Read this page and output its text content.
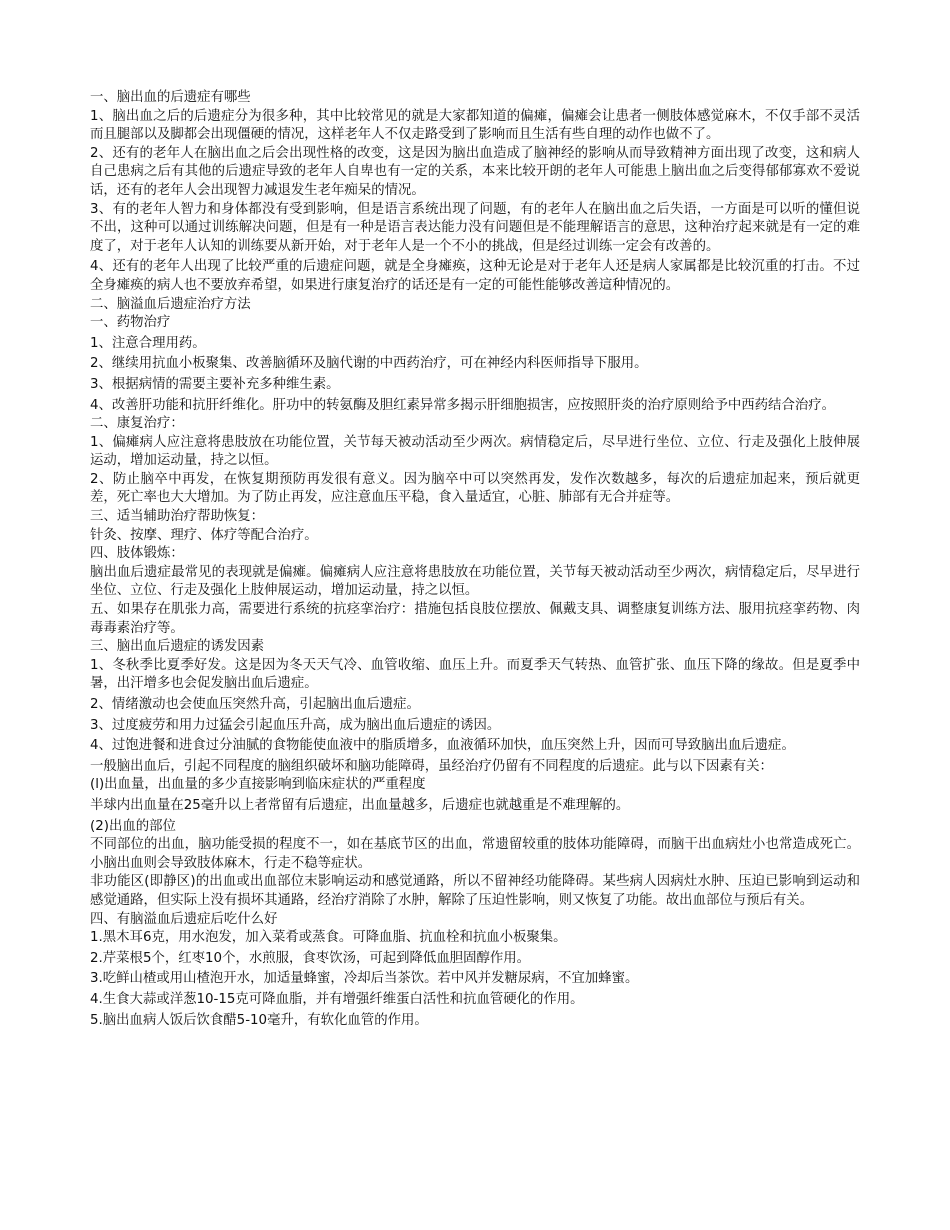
一、脑出血的后遗症有哪些

1、脑出血之后的后遗症分为很多种，其中比较常见的就是大家都知道的偏瘫，偏瘫会让患者一侧肢体感觉麻木，不仅手部不灵活而且腿部以及脚都会出现僵硬的情况，这样老年人不仅走路受到了影响而且生活有些自理的动作也做不了。

2、还有的老年人在脑出血之后会出现性格的改变，这是因为脑出血造成了脑神经的影响从而导致精神方面出现了改变，这和病人自己患病之后有其他的后遗症导致的老年人自卑也有一定的关系，本来比较开朗的老年人可能患上脑出血之后变得郁郁寡欢不爱说话，还有的老年人会出现智力减退发生老年痴呆的情况。

3、有的老年人智力和身体都没有受到影响，但是语言系统出现了问题，有的老年人在脑出血之后失语，一方面是可以听的懂但说不出，这种可以通过训练解决问题，但是有一种是语言表达能力没有问题但是不能理解语言的意思，这种治疗起来就是有一定的难度了，对于老年人认知的训练要从新开始，对于老年人是一个不小的挑战，但是经过训练一定会有改善的。

4、还有的老年人出现了比较严重的后遗症问题，就是全身瘫痪，这种无论是对于老年人还是病人家属都是比较沉重的打击。不过全身瘫痪的病人也不要放弃希望，如果进行康复治疗的话还是有一定的可能性能够改善這种情况的。

二、脑溢血后遗症治疗方法

一、药物治疗

1、注意合理用药。

2、继续用抗血小板聚集、改善脑循环及脑代谢的中西药治疗，可在神经内科医师指导下服用。

3、根据病情的需要主要补充多种维生素。

4、改善肝功能和抗肝纤维化。肝功中的转氨酶及胆红素异常多揭示肝细胞损害，应按照肝炎的治疗原则给予中西药结合治疗。

二、康复治疗：

1、偏瘫病人应注意将患肢放在功能位置，关节每天被动活动至少两次。病情稳定后，尽早进行坐位、立位、行走及强化上肢伸展运动，增加运动量，持之以恒。

2、防止脑卒中再发，在恢复期预防再发很有意义。因为脑卒中可以突然再发，发作次数越多，每次的后遗症加起来，预后就更差，死亡率也大大增加。为了防止再发，应注意血压平稳，食入量适宜，心脏、肺部有无合并症等。

三、适当辅助治疗帮助恢复：

针灸、按摩、理疗、体疗等配合治疗。

四、肢体锻炼：

脑出血后遗症最常见的表现就是偏瘫。偏瘫病人应注意将患肢放在功能位置，关节每天被动活动至少两次，病情稳定后，尽早进行坐位、立位、行走及强化上肢伸展运动，增加运动量，持之以恒。

五、如果存在肌张力高，需要进行系统的抗痉挛治疗：措施包括良肢位摆放、佩戴支具、调整康复训练方法、服用抗痉挛药物、肉毒毒素治疗等。

三、脑出血后遗症的诱发因素

1、冬秋季比夏季好发。这是因为冬天天气冷、血管收缩、血压上升。而夏季天气转热、血管扩张、血压下降的缘故。但是夏季中暑，出汗增多也会促发脑出血后遗症。

2、情绪激动也会使血压突然升高，引起脑出血后遗症。

3、过度疲劳和用力过猛会引起血压升高，成为脑出血后遗症的诱因。

4、过饱进餐和进食过分油腻的食物能使血液中的脂质增多，血液循环加快，血压突然上升，因而可导致脑出血后遗症。

一般脑出血后，引起不同程度的脑组织破坏和脑功能障碍，虽经治疗仍留有不同程度的后遗症。此与以下因素有关：

(l)出血量，出血量的多少直接影响到临床症状的严重程度

半球内出血量在25毫升以上者常留有后遗症，出血量越多，后遗症也就越重是不难理解的。

(2)出血的部位

不同部位的出血，脑功能受损的程度不一，如在基底节区的出血，常遗留较重的肢体功能障碍，而脑干出血病灶小也常造成死亡。小脑出血则会导致肢体麻木，行走不稳等症状。

非功能区(即静区)的出血或出血部位末影响运动和感觉通路，所以不留神经功能降碍。某些病人因病灶水肿、压迫已影响到运动和感觉通路，但实际上没有损坏其通路，经治疗消除了水肿，解除了压迫性影响，则又恢复了功能。故出血部位与预后有关。

四、有脑溢血后遗症后吃什么好

1.黑木耳6克，用水泡发，加入菜肴或蒸食。可降血脂、抗血栓和抗血小板聚集。

2.芹菜根5个，红枣10个，水煎服，食枣饮汤，可起到降低血胆固醇作用。

3.吃鲜山楂或用山楂泡开水，加适量蜂蜜，冷却后当茶饮。若中风并发糖尿病，不宜加蜂蜜。

4.生食大蒜或洋葱10-15克可降血脂，并有增强纤维蛋白活性和抗血管硬化的作用。

5.脑出血病人饭后饮食醋5-10毫升，有软化血管的作用。
